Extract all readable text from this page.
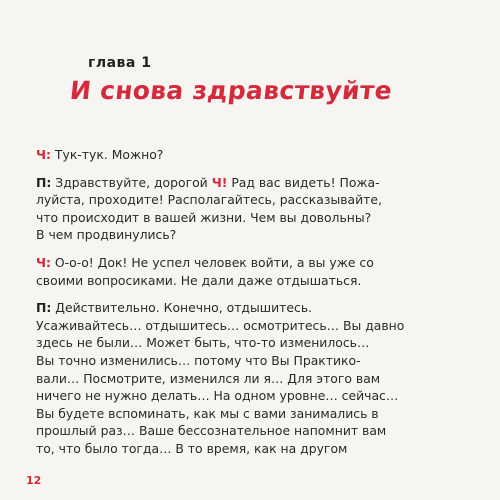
глава 1
И снова здравствуйте
Ч: Тук-тук. Можно?
П: Здравствуйте, дорогой Ч! Рад вас видеть! Пожа-
луйста, проходите! Располагайтесь, рассказывайте,
что происходит в вашей жизни. Чем вы довольны?
В чем продвинулись?
Ч: О-о-о! Док! Не успел человек войти, а вы уже со
своими вопросиками. Не дали даже отдышаться.
П: Действительно. Конечно, отдышитесь.
Усаживайтесь… отдышитесь… осмотритесь… Вы давно
здесь не были… Может быть, что-то изменилось…
Вы точно изменились… потому что Вы Практико-
вали… Посмотрите, изменился ли я… Для этого вам
ничего не нужно делать… На одном уровне… сейчас…
Вы будете вспоминать, как мы с вами занимались в
прошлый раз… Ваше бессознательное напомнит вам
то, что было тогда… В то время, как на другом
12
